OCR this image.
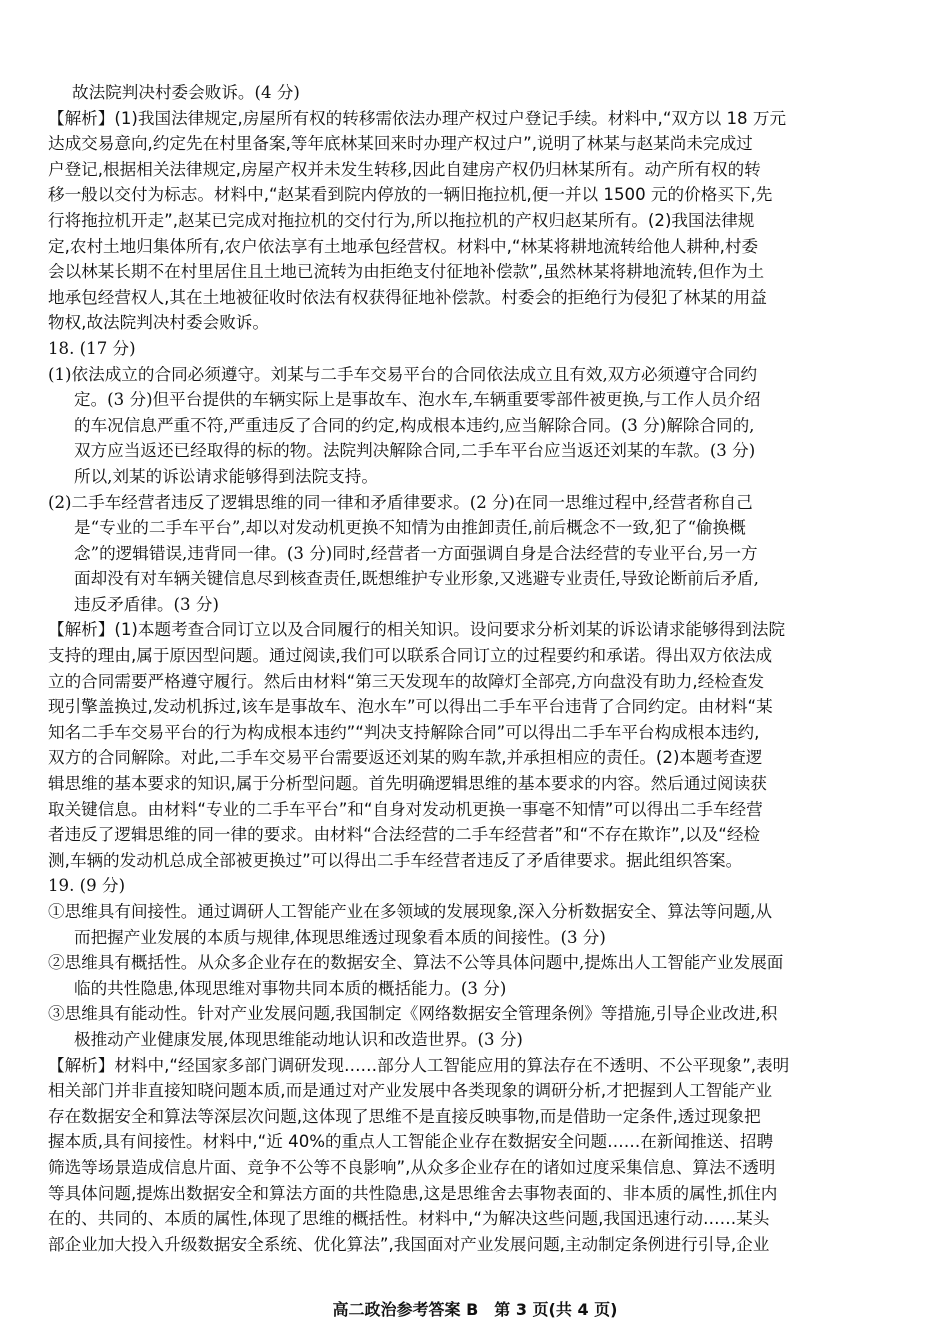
故法院判决村委会败诉。(4 分)
【解析】(1)我国法律规定,房屋所有权的转移需依法办理产权过户登记手续。材料中,“双方以 18 万元
达成交易意向,约定先在村里备案,等年底林某回来时办理产权过户”,说明了林某与赵某尚未完成过
户登记,根据相关法律规定,房屋产权并未发生转移,因此自建房产权仍归林某所有。动产所有权的转
移一般以交付为标志。材料中,“赵某看到院内停放的一辆旧拖拉机,便一并以 1500 元的价格买下,先
行将拖拉机开走”,赵某已完成对拖拉机的交付行为,所以拖拉机的产权归赵某所有。(2)我国法律规
定,农村土地归集体所有,农户依法享有土地承包经营权。材料中,“林某将耕地流转给他人耕种,村委
会以林某长期不在村里居住且土地已流转为由拒绝支付征地补偿款”,虽然林某将耕地流转,但作为土
地承包经营权人,其在土地被征收时依法有权获得征地补偿款。村委会的拒绝行为侵犯了林某的用益
物权,故法院判决村委会败诉。
18. (17 分)
(1)依法成立的合同必须遵守。刘某与二手车交易平台的合同依法成立且有效,双方必须遵守合同约
定。(3 分)但平台提供的车辆实际上是事故车、泡水车,车辆重要零部件被更换,与工作人员介绍
的车况信息严重不符,严重违反了合同的约定,构成根本违约,应当解除合同。(3 分)解除合同的,
双方应当返还已经取得的标的物。法院判决解除合同,二手车平台应当返还刘某的车款。(3 分)
所以,刘某的诉讼请求能够得到法院支持。
(2)二手车经营者违反了逻辑思维的同一律和矛盾律要求。(2 分)在同一思维过程中,经营者称自己
是“专业的二手车平台”,却以对发动机更换不知情为由推卸责任,前后概念不一致,犯了“偷换概
念”的逻辑错误,违背同一律。(3 分)同时,经营者一方面强调自身是合法经营的专业平台,另一方
面却没有对车辆关键信息尽到核查责任,既想维护专业形象,又逃避专业责任,导致论断前后矛盾,
违反矛盾律。(3 分)
【解析】(1)本题考查合同订立以及合同履行的相关知识。设问要求分析刘某的诉讼请求能够得到法院
支持的理由,属于原因型问题。通过阅读,我们可以联系合同订立的过程要约和承诺。得出双方依法成
立的合同需要严格遵守履行。然后由材料“第三天发现车的故障灯全部亮,方向盘没有助力,经检查发
现引擎盖换过,发动机拆过,该车是事故车、泡水车”可以得出二手车平台违背了合同约定。由材料“某
知名二手车交易平台的行为构成根本违约”“判决支持解除合同”可以得出二手车平台构成根本违约,
双方的合同解除。对此,二手车交易平台需要返还刘某的购车款,并承担相应的责任。(2)本题考查逻
辑思维的基本要求的知识,属于分析型问题。首先明确逻辑思维的基本要求的内容。然后通过阅读获
取关键信息。由材料“专业的二手车平台”和“自身对发动机更换一事毫不知情”可以得出二手车经营
者违反了逻辑思维的同一律的要求。由材料“合法经营的二手车经营者”和“不存在欺诈”,以及“经检
测,车辆的发动机总成全部被更换过”可以得出二手车经营者违反了矛盾律要求。据此组织答案。
19. (9 分)
①思维具有间接性。通过调研人工智能产业在多领域的发展现象,深入分析数据安全、算法等问题,从
而把握产业发展的本质与规律,体现思维透过现象看本质的间接性。(3 分)
②思维具有概括性。从众多企业存在的数据安全、算法不公等具体问题中,提炼出人工智能产业发展面
临的共性隐患,体现思维对事物共同本质的概括能力。(3 分)
③思维具有能动性。针对产业发展问题,我国制定《网络数据安全管理条例》等措施,引导企业改进,积
极推动产业健康发展,体现思维能动地认识和改造世界。(3 分)
【解析】材料中,“经国家多部门调研发现……部分人工智能应用的算法存在不透明、不公平现象”,表明
相关部门并非直接知晓问题本质,而是通过对产业发展中各类现象的调研分析,才把握到人工智能产业
存在数据安全和算法等深层次问题,这体现了思维不是直接反映事物,而是借助一定条件,透过现象把
握本质,具有间接性。材料中,“近 40%的重点人工智能企业存在数据安全问题……在新闻推送、招聘
筛选等场景造成信息片面、竞争不公等不良影响”,从众多企业存在的诸如过度采集信息、算法不透明
等具体问题,提炼出数据安全和算法方面的共性隐患,这是思维舍去事物表面的、非本质的属性,抓住内
在的、共同的、本质的属性,体现了思维的概括性。材料中,“为解决这些问题,我国迅速行动……某头
部企业加大投入升级数据安全系统、优化算法”,我国面对产业发展问题,主动制定条例进行引导,企业
高二政治参考答案 B　第 3 页(共 4 页)
